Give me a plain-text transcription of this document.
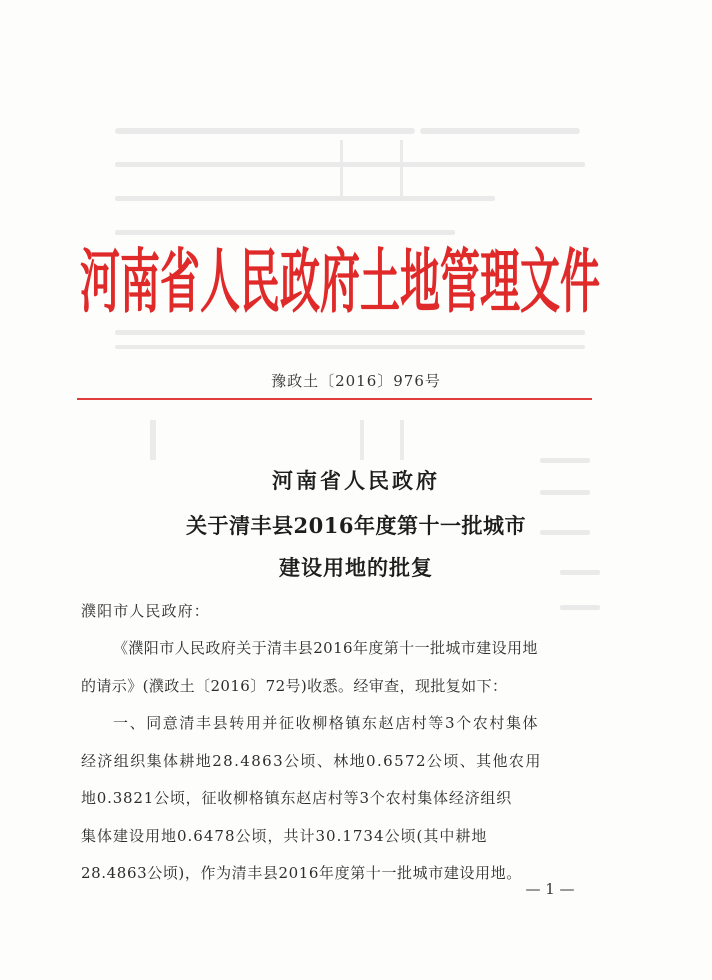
河南省人民政府土地管理文件
豫政土〔2016〕976号
河南省人民政府
关于清丰县2016年度第十一批城市
建设用地的批复
濮阳市人民政府：
《濮阳市人民政府关于清丰县2016年度第十一批城市建设用地
的请示》(濮政土〔2016〕72号)收悉。经审查，现批复如下：
一、同意清丰县转用并征收柳格镇东赵店村等3个农村集体
经济组织集体耕地28.4863公顷、林地0.6572公顷、其他农用
地0.3821公顷，征收柳格镇东赵店村等3个农村集体经济组织
集体建设用地0.6478公顷，共计30.1734公顷(其中耕地
28.4863公顷)，作为清丰县2016年度第十一批城市建设用地。
— 1 —
